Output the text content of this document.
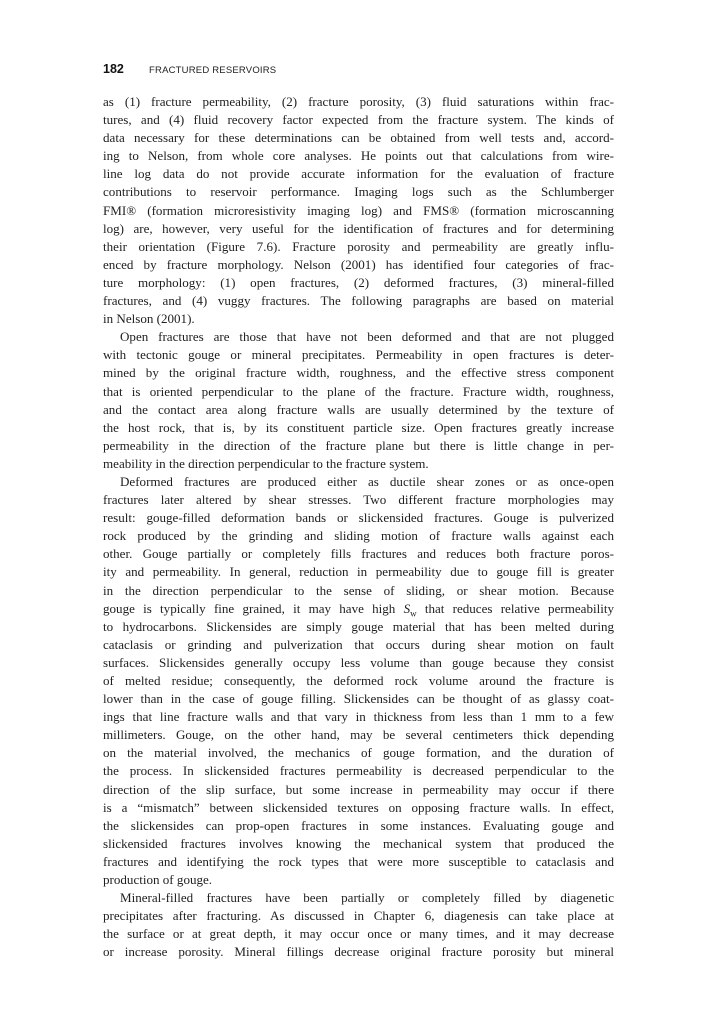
182	FRACTURED RESERVOIRS
as (1) fracture permeability, (2) fracture porosity, (3) fluid saturations within frac-
tures, and (4) fluid recovery factor expected from the fracture system. The kinds of
data necessary for these determinations can be obtained from well tests and, accord-
ing to Nelson, from whole core analyses. He points out that calculations from wire-
line log data do not provide accurate information for the evaluation of fracture
contributions to reservoir performance. Imaging logs such as the Schlumberger
FMI® (formation microresistivity imaging log) and FMS® (formation microscanning
log) are, however, very useful for the identification of fractures and for determining
their orientation (Figure 7.6). Fracture porosity and permeability are greatly influ-
enced by fracture morphology. Nelson (2001) has identified four categories of frac-
ture morphology: (1) open fractures, (2) deformed fractures, (3) mineral-filled
fractures, and (4) vuggy fractures. The following paragraphs are based on material
in Nelson (2001).
Open fractures are those that have not been deformed and that are not plugged
with tectonic gouge or mineral precipitates. Permeability in open fractures is deter-
mined by the original fracture width, roughness, and the effective stress component
that is oriented perpendicular to the plane of the fracture. Fracture width, roughness,
and the contact area along fracture walls are usually determined by the texture of
the host rock, that is, by its constituent particle size. Open fractures greatly increase
permeability in the direction of the fracture plane but there is little change in per-
meability in the direction perpendicular to the fracture system.
Deformed fractures are produced either as ductile shear zones or as once-open
fractures later altered by shear stresses. Two different fracture morphologies may
result: gouge-filled deformation bands or slickensided fractures. Gouge is pulverized
rock produced by the grinding and sliding motion of fracture walls against each
other. Gouge partially or completely fills fractures and reduces both fracture poros-
ity and permeability. In general, reduction in permeability due to gouge fill is greater
in the direction perpendicular to the sense of sliding, or shear motion. Because
gouge is typically fine grained, it may have high $S_w$ that reduces relative permeability
to hydrocarbons. Slickensides are simply gouge material that has been melted during
cataclasis or grinding and pulverization that occurs during shear motion on fault
surfaces. Slickensides generally occupy less volume than gouge because they consist
of melted residue; consequently, the deformed rock volume around the fracture is
lower than in the case of gouge filling. Slickensides can be thought of as glassy coat-
ings that line fracture walls and that vary in thickness from less than 1 mm to a few
millimeters. Gouge, on the other hand, may be several centimeters thick depending
on the material involved, the mechanics of gouge formation, and the duration of
the process. In slickensided fractures permeability is decreased perpendicular to the
direction of the slip surface, but some increase in permeability may occur if there
is a “mismatch” between slickensided textures on opposing fracture walls. In effect,
the slickensides can prop-open fractures in some instances. Evaluating gouge and
slickensided fractures involves knowing the mechanical system that produced the
fractures and identifying the rock types that were more susceptible to cataclasis and
production of gouge.
Mineral-filled fractures have been partially or completely filled by diagenetic
precipitates after fracturing. As discussed in Chapter 6, diagenesis can take place at
the surface or at great depth, it may occur once or many times, and it may decrease
or increase porosity. Mineral fillings decrease original fracture porosity but mineral
